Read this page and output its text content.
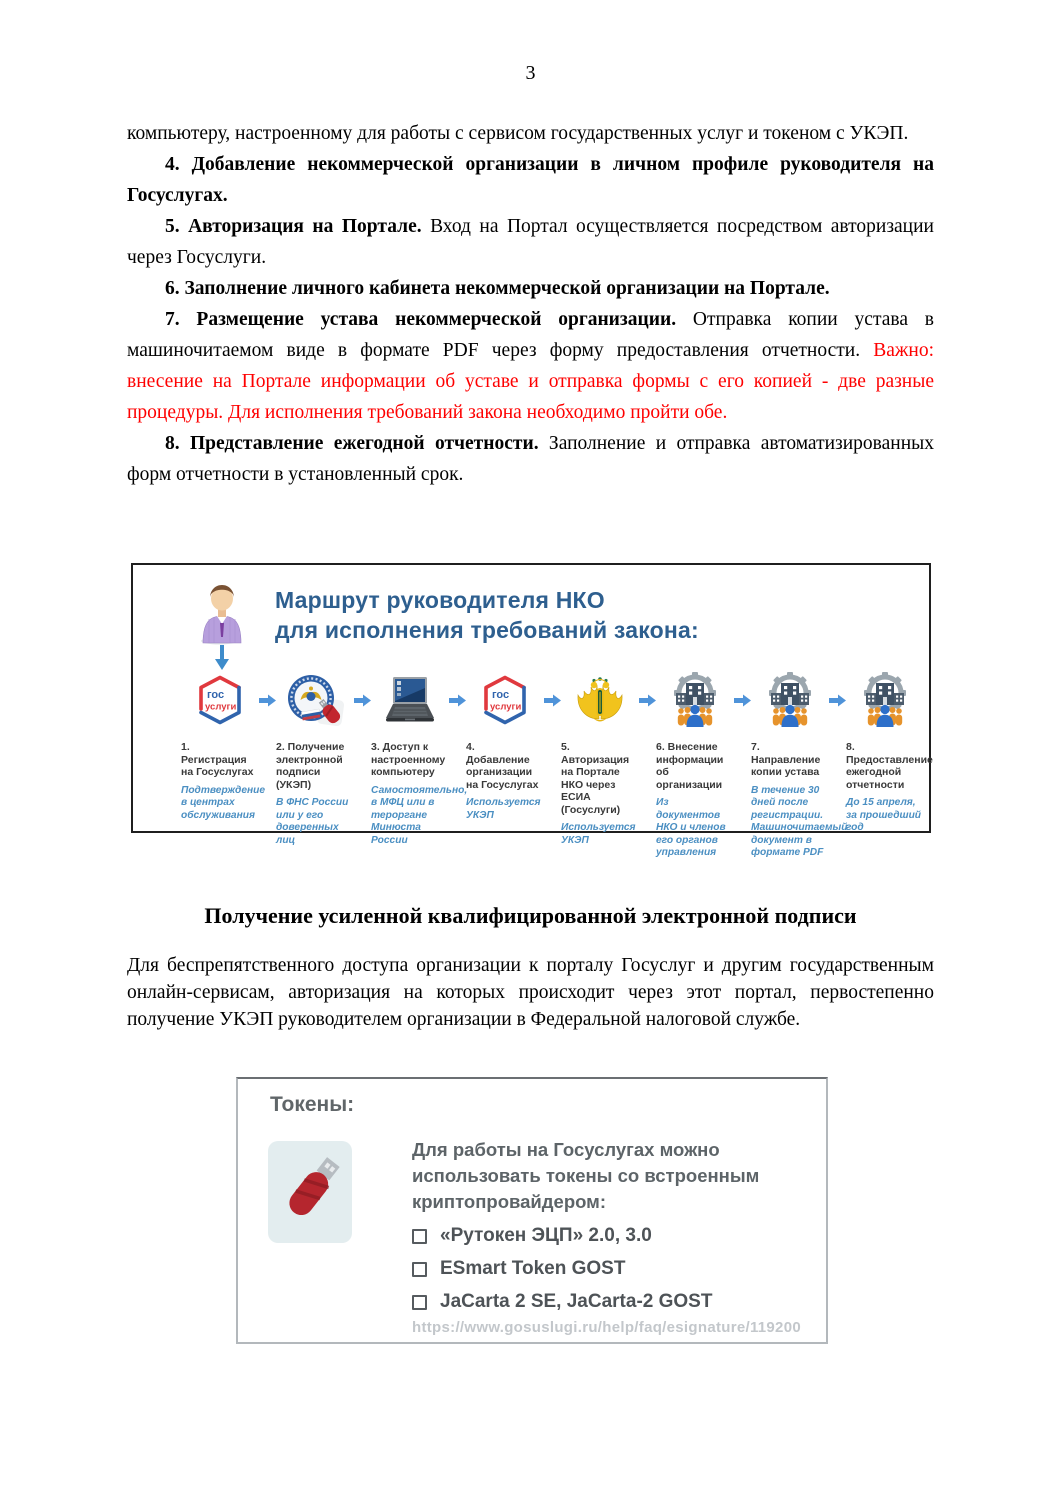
3

компьютеру, настроенному для работы с сервисом государственных услуг и токеном с УКЭП.

4. Добавление некоммерческой организации в личном профиле руководителя на Госуслугах.

5. Авторизация на Портале. Вход на Портал осуществляется посредством авторизации через Госуслуги.

6. Заполнение личного кабинета некоммерческой организации на Портале.

7. Размещение устава некоммерческой организации. Отправка копии устава в машиночитаемом виде в формате PDF через форму предоставления отчетности. Важно: внесение на Портале информации об уставе и отправка формы с его копией - две разные процедуры. Для исполнения требований закона необходимо пройти обе.

8. Представление ежегодной отчетности. Заполнение и отправка автоматизированных форм отчетности в установленный срок.

Маршрут руководителя НКО
для исполнения требований закона:
гос
услуги
1. Регистрация на Госуслугах
Подтверждение в центрах обслуживания
2. Получение электронной подписи (УКЭП)
В ФНС России или у его доверенных лиц
3. Доступ к настроенному компьютеру
Самостоятельно, в МФЦ или в тероргане Минюста России
гос
услуги
4. Добавление организации на Госуслугах
Используется УКЭП
5. Авторизация на Портале НКО через ЕСИА (Госуслуги)
Используется УКЭП
6. Внесение информации об организации
Из документов НКО и членов его органов управления
7. Направление копии устава
В течение 30 дней после регистрации. Машиночитаемый документ в формате PDF
8. Предоставление ежегодной отчетности
До 15 апреля, за прошедший год
Получение усиленной квалифицированной электронной подписи
Для беспрепятственного доступа организации к порталу Госуслуг и другим государственным онлайн-сервисам, авторизация на которых происходит через этот портал, первостепенно получение УКЭП руководителем организации в Федеральной налоговой службе.
Токены:
Для работы на Госуслугах можно использовать токены со встроенным криптопровайдером:
«Рутокен ЭЦП» 2.0, 3.0
ESmart Token GOST
JaCarta 2 SE, JaCarta-2 GOST
https://www.gosuslugi.ru/help/faq/esignature/119200
